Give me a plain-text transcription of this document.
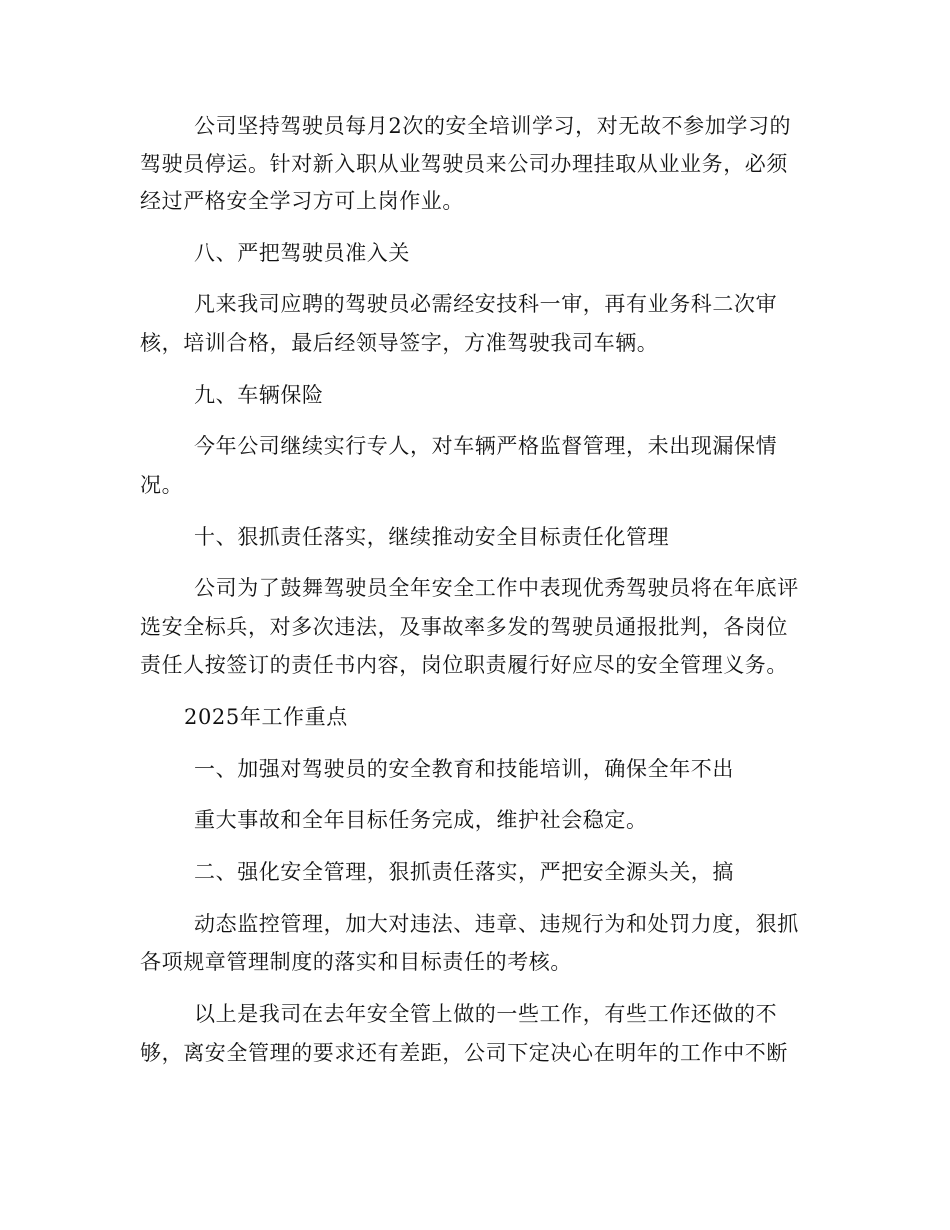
公司坚持驾驶员每月2次的安全培训学习，对无故不参加学习的

驾驶员停运。针对新入职从业驾驶员来公司办理挂取从业业务，必须

经过严格安全学习方可上岗作业。

八、严把驾驶员准入关

凡来我司应聘的驾驶员必需经安技科一审，再有业务科二次审

核，培训合格，最后经领导签字，方准驾驶我司车辆。

九、车辆保险

今年公司继续实行专人，对车辆严格监督管理，未出现漏保情

况。

十、狠抓责任落实，继续推动安全目标责任化管理

公司为了鼓舞驾驶员全年安全工作中表现优秀驾驶员将在年底评

选安全标兵，对多次违法，及事故率多发的驾驶员通报批判，各岗位

责任人按签订的责任书内容，岗位职责履行好应尽的安全管理义务。

2025年工作重点

一、加强对驾驶员的安全教育和技能培训，确保全年不出

重大事故和全年目标任务完成，维护社会稳定。

二、强化安全管理，狠抓责任落实，严把安全源头关，搞

动态监控管理，加大对违法、违章、违规行为和处罚力度，狠抓

各项规章管理制度的落实和目标责任的考核。

以上是我司在去年安全管上做的一些工作，有些工作还做的不

够，离安全管理的要求还有差距，公司下定决心在明年的工作中不断
